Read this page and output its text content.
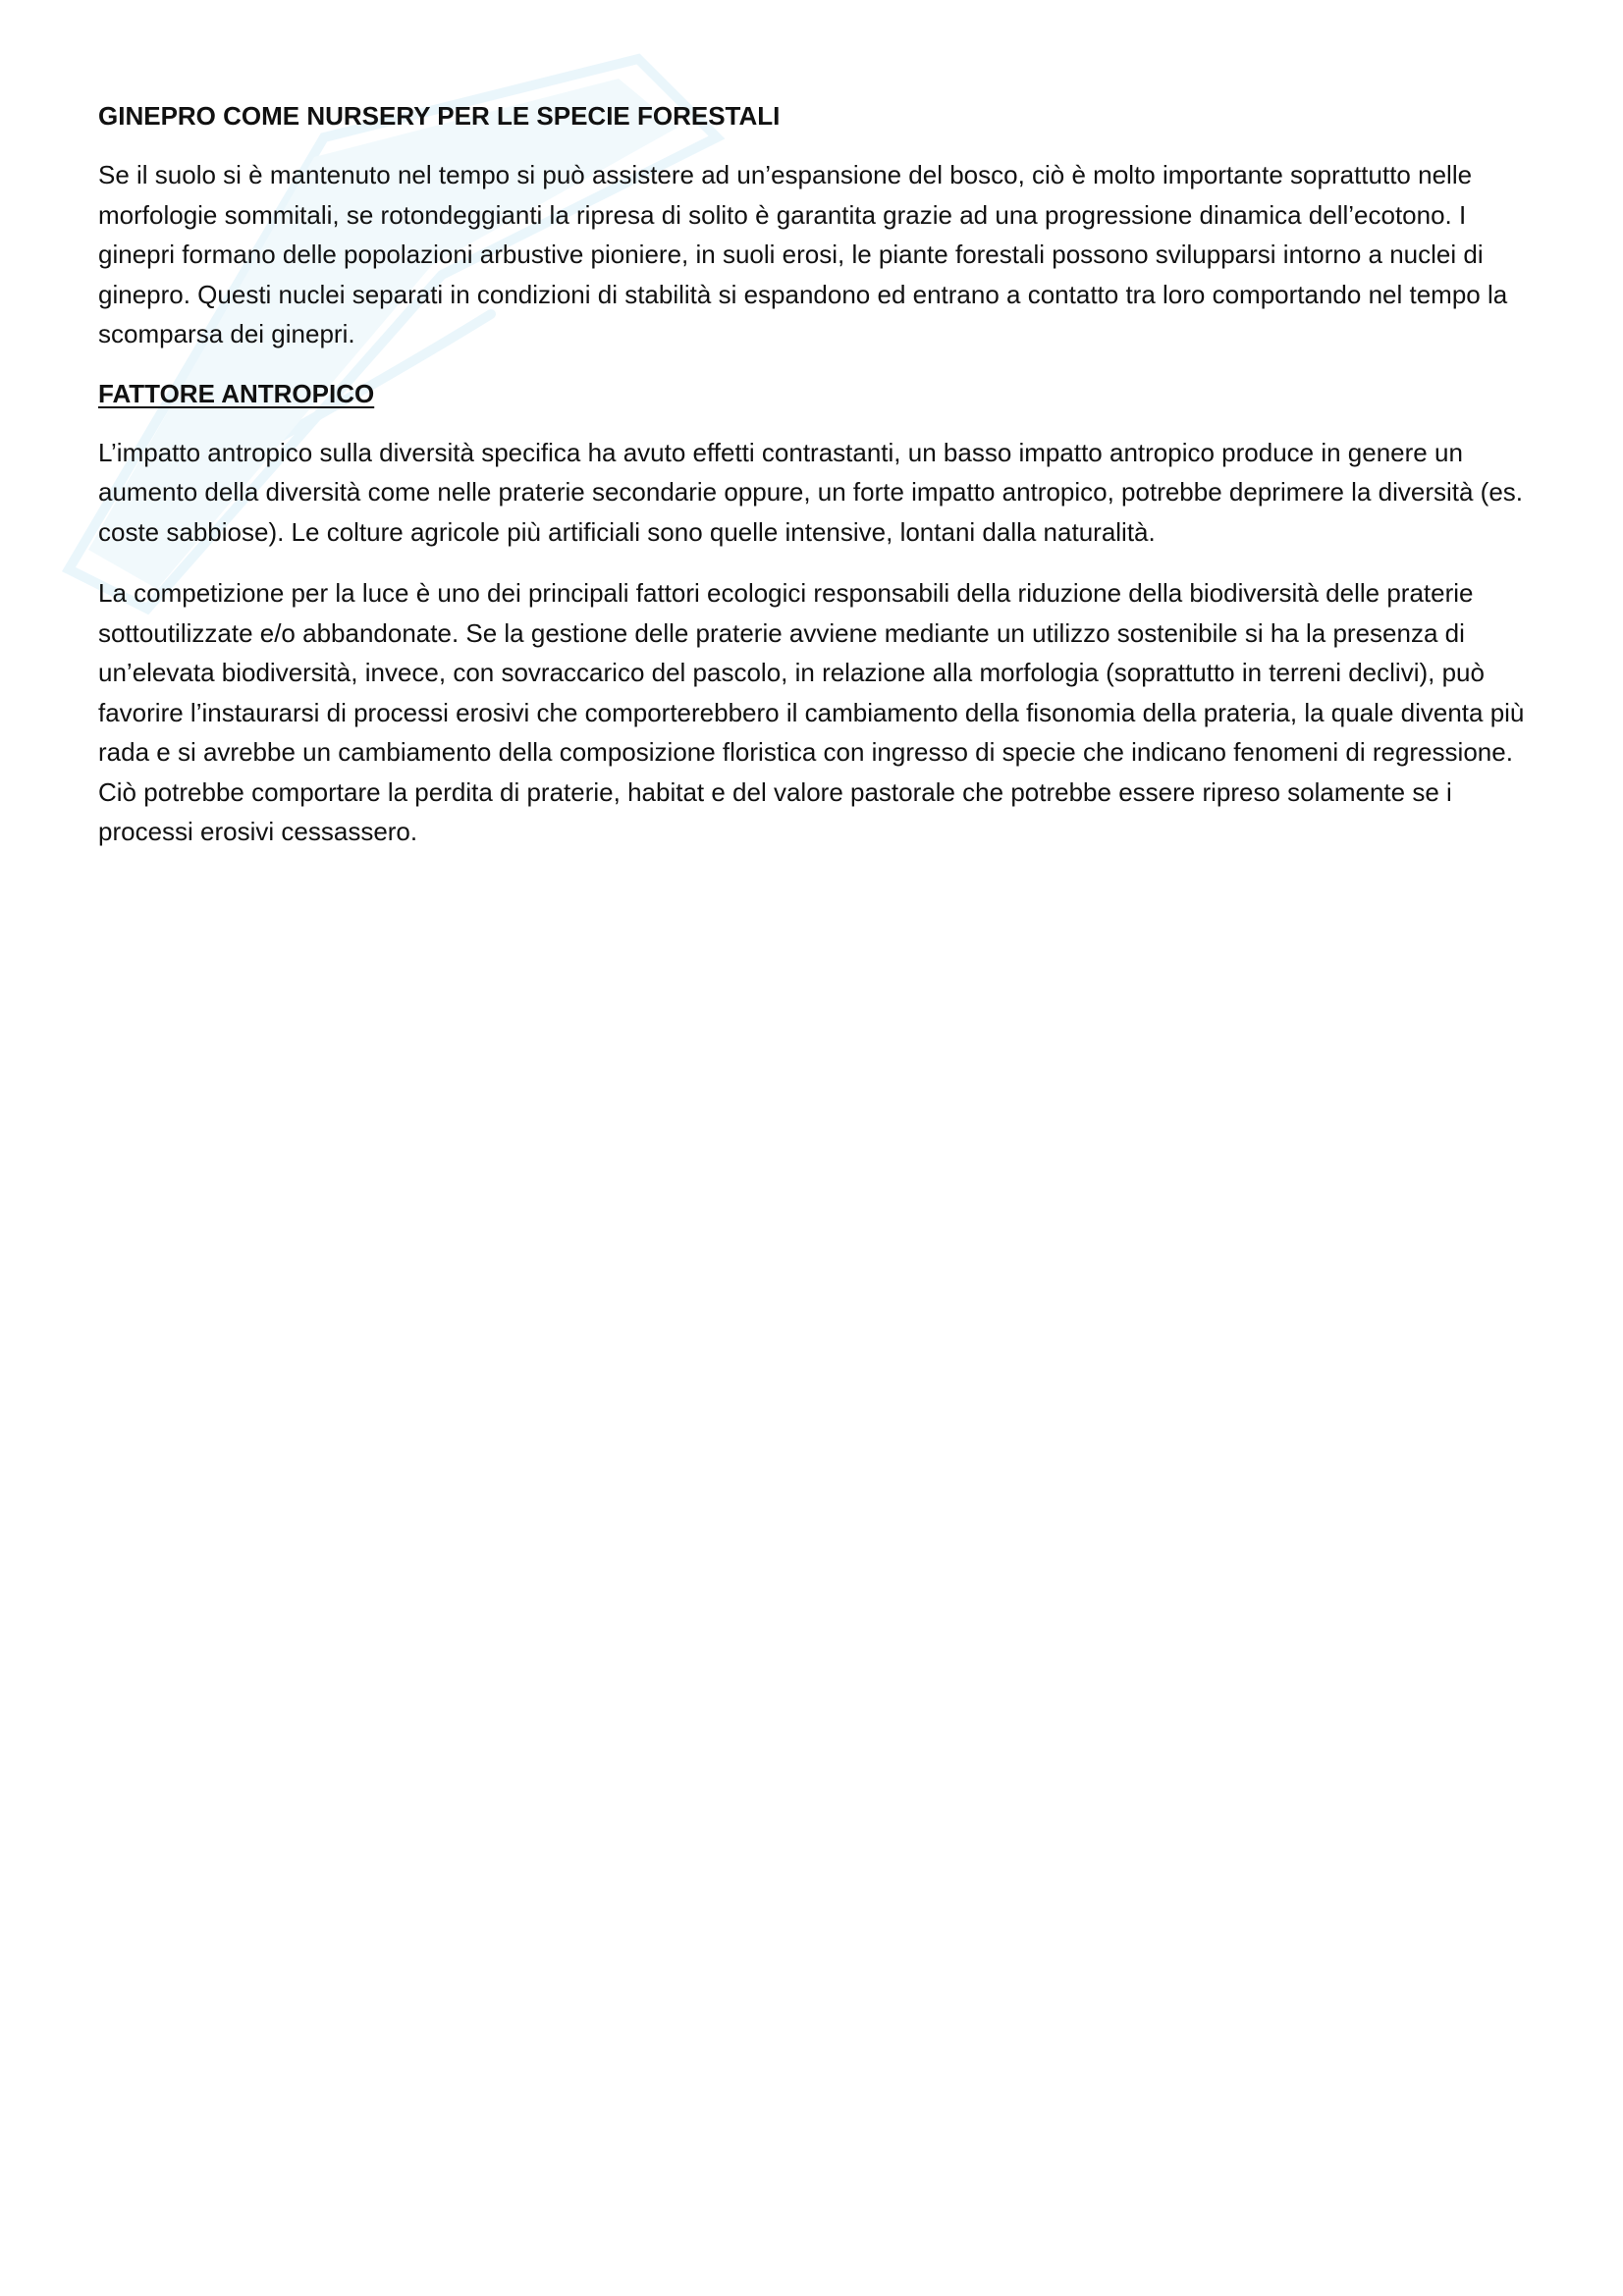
GINEPRO COME NURSERY PER LE SPECIE FORESTALI

Se il suolo si è mantenuto nel tempo si può assistere ad un’espansione del bosco, ciò è molto importante soprattutto nelle morfologie sommitali, se rotondeggianti la ripresa di solito è garantita grazie ad una progressione dinamica dell’ecotono. I ginepri formano delle popolazioni arbustive pioniere, in suoli erosi, le piante forestali possono svilupparsi intorno a nuclei di ginepro. Questi nuclei separati in condizioni di stabilità si espandono ed entrano a contatto tra loro comportando nel tempo la scomparsa dei ginepri.

FATTORE ANTROPICO

L’impatto antropico sulla diversità specifica ha avuto effetti contrastanti, un basso impatto antropico produce in genere un aumento della diversità come nelle praterie secondarie oppure, un forte impatto antropico, potrebbe deprimere la diversità (es. coste sabbiose). Le colture agricole più artificiali sono quelle intensive, lontani dalla naturalità.

La competizione per la luce è uno dei principali fattori ecologici responsabili della riduzione della biodiversità delle praterie sottoutilizzate e/o abbandonate. Se la gestione delle praterie avviene mediante un utilizzo sostenibile si ha la presenza di un’elevata biodiversità, invece, con sovraccarico del pascolo, in relazione alla morfologia (soprattutto in terreni declivi), può favorire l’instaurarsi di processi erosivi che comporterebbero il cambiamento della fisonomia della prateria, la quale diventa più rada e si avrebbe un cambiamento della composizione floristica con ingresso di specie che indicano fenomeni di regressione. Ciò potrebbe comportare la perdita di praterie, habitat e del valore pastorale che potrebbe essere ripreso solamente se i processi erosivi cessassero.
